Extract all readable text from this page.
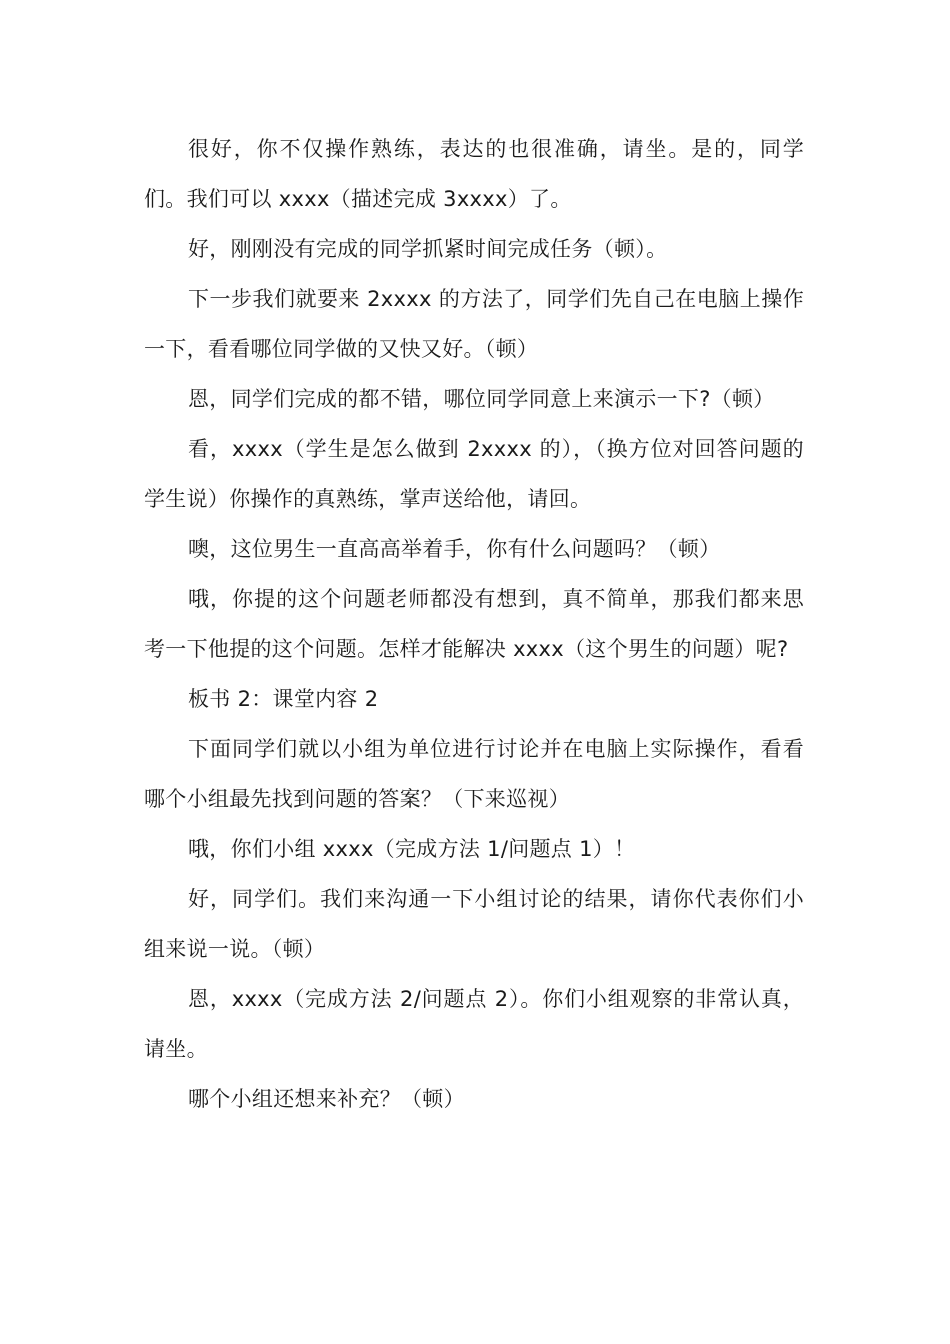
很好，你不仅操作熟练，表达的也很准确，请坐。是的，同学们。我们可以 xxxx（描述完成 3xxxx）了。

好，刚刚没有完成的同学抓紧时间完成任务（顿）。

下一步我们就要来 2xxxx 的方法了，同学们先自己在电脑上操作一下，看看哪位同学做的又快又好。（顿）

恩，同学们完成的都不错，哪位同学同意上来演示一下?（顿）

看，xxxx（学生是怎么做到 2xxxx 的），（换方位对回答问题的学生说）你操作的真熟练，掌声送给他，请回。

噢，这位男生一直高高举着手，你有什么问题吗？（顿）

哦，你提的这个问题老师都没有想到，真不简单，那我们都来思考一下他提的这个问题。怎样才能解决 xxxx（这个男生的问题）呢?

板书 2：课堂内容 2

下面同学们就以小组为单位进行讨论并在电脑上实际操作，看看哪个小组最先找到问题的答案？（下来巡视）

哦，你们小组 xxxx（完成方法 1/问题点 1）！

好，同学们。我们来沟通一下小组讨论的结果，请你代表你们小组来说一说。（顿）

恩，xxxx（完成方法 2/问题点 2）。你们小组观察的非常认真，请坐。

哪个小组还想来补充？（顿）
